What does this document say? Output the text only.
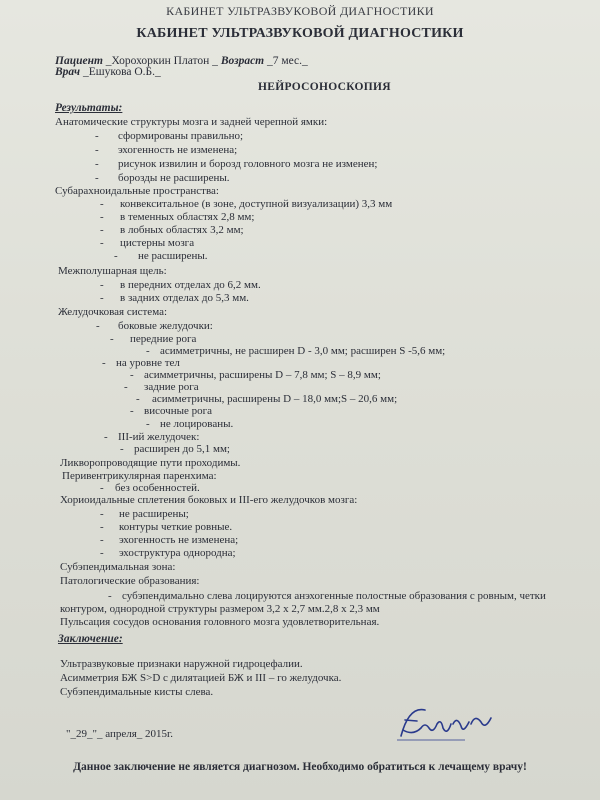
КАБИНЕТ УЛЬТРАЗВУКОВОЙ ДИАГНОСТИКИ
КАБИНЕТ УЛЬТРАЗВУКОВОЙ ДИАГНОСТИКИ
Пациент _Хорохоркин Платон _ Возраст _7 мес._
Врач _Ешукова О.Б._
НЕЙРОСОНОСКОПИЯ
Результаты:
Анатомические структуры мозга и задней черепной ямки:
- сформированы правильно;
- эхогенность не изменена;
- рисунок извилин и борозд головного мозга не изменен;
- борозды не расширены.
Субарахноидальные пространства:
- конвекситальное (в зоне, доступной визуализации) 3,3 мм
- в теменных областях 2,8 мм;
- в лобных областях 3,2 мм;
- цистерны мозга
- не расширены.
Межполушарная щель:
- в передних отделах до 6,2 мм.
- в задних отделах до 5,3 мм.
Желудочковая система:
- боковые желудочки:
- передние рога
- асимметричны, не расширен D - 3,0 мм; расширен S -5,6 мм;
- на уровне тел
- асимметричны, расширены D – 7,8 мм; S – 8,9 мм;
- задние рога
- асимметричны, расширены D – 18,0 мм;S – 20,6 мм;
- височные рога
- не лоцированы.
- III-ий желудочек:
- расширен до 5,1 мм;
Ликворопроводящие пути проходимы.
Перивентрикулярная паренхима:
- без особенностей.
Хориоидальные сплетения боковых и III-его желудочков мозга:
- не расширены;
- контуры четкие ровные.
- эхогенность не изменена;
- эхоструктура однородна;
Субэпендимальная зона:
Патологические образования:
- субэпендимально слева лоцируются анэхогенные полостные образования с ровным, четки
контуром, однородной структуры размером 3,2 х 2,7 мм.2,8 х 2,3 мм
Пульсация сосудов основания головного мозга удовлетворительная.
Заключение:
Ультразвуковые признаки наружной гидроцефалии.
Асимметрия БЖ S>D с дилятацией БЖ и III – го желудочка.
Субэпендимальные кисты слева.
"_29_"_ апреля_ 2015г.
Данное заключение не является диагнозом. Необходимо обратиться к лечащему врачу!
